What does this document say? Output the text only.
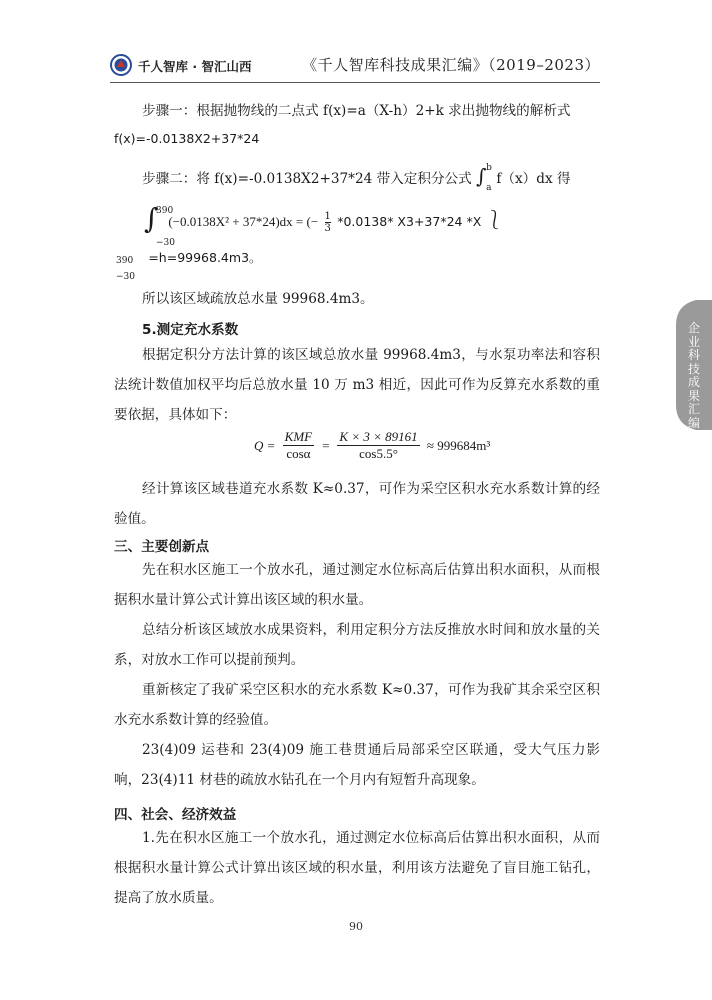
千人智库 · 智汇山西	《千人智库科技成果汇编》（2019–2023）
企业科技成果汇编
步骤一：根据抛物线的二点式 f(x)=a（X-h）2+k 求出抛物线的解析式
f(x)=-0.0138X2+37*24
步骤二：将 f(x)=-0.0138X2+37*24 带入定积分公式 ∫ b
a
f（x）dx 得
∫
390
−30
(−0.0138X² + 37*24)dx = (− $\frac{1}{3} *0.0138*$ X3+37*24 *X ⎱
390
−30
=h=99968.4m3。
所以该区域疏放总水量 99968.4m3。
5.测定充水系数
根据定积分方法计算的该区域总放水量 99968.4m3，与水泵功率法和容积法统计数值加权平均后总放水量 10 万 m3 相近，因此可作为反算充水系数的重要依据，具体如下：
Q =
KMF
cosα
= $\frac{K \times 3 \times 89161}{\cos 5.5^\circ} \approx 999684m^3$
经计算该区域巷道充水系数 K≈0.37，可作为采空区积水充水系数计算的经验值。
三、主要创新点
先在积水区施工一个放水孔，通过测定水位标高后估算出积水面积，从而根据积水量计算公式计算出该区域的积水量。
总结分析该区域放水成果资料，利用定积分方法反推放水时间和放水量的关系，对放水工作可以提前预判。
重新核定了我矿采空区积水的充水系数 K≈0.37，可作为我矿其余采空区积水充水系数计算的经验值。
23(4)09 运巷和 23(4)09 施工巷贯通后局部采空区联通，受大气压力影响，23(4)11 材巷的疏放水钻孔在一个月内有短暂升高现象。
四、社会、经济效益
1.先在积水区施工一个放水孔，通过测定水位标高后估算出积水面积，从而根据积水量计算公式计算出该区域的积水量，利用该方法避免了盲目施工钻孔，提高了放水质量。
90
